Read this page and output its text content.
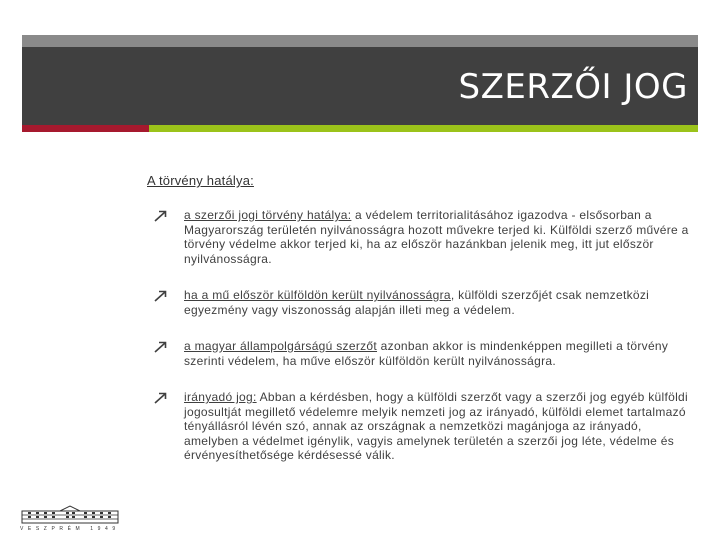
SZERZŐI JOG
A törvény hatálya:
a szerzői jogi törvény hatálya: a védelem territorialitásához igazodva - elsősorban a Magyarország területén nyilvánosságra hozott művekre terjed ki. Külföldi szerző művére a törvény védelme akkor terjed ki, ha az először hazánkban jelenik meg, itt jut először nyilvánosságra.
ha a mű először külföldön került nyilvánosságra, külföldi szerzőjét csak nemzetközi egyezmény vagy viszonosság alapján illeti meg a védelem.
a magyar állampolgárságú szerzőt azonban akkor is mindenképpen megilleti a törvény szerinti védelem, ha műve először külföldön került nyilvánosságra.
irányadó jog: Abban a kérdésben, hogy a külföldi szerzőt vagy a szerzői jog egyéb külföldi jogosultját megillető védelemre melyik nemzeti jog az irányadó, külföldi elemet tartalmazó tényállásról lévén szó, annak az országnak a nemzetközi magánjoga az irányadó, amelyben a védelmet igénylik, vagyis amelynek területén a szerzői jog léte, védelme és érvényesíthetősége kérdésessé válik.
VESZPRÉM 1949
